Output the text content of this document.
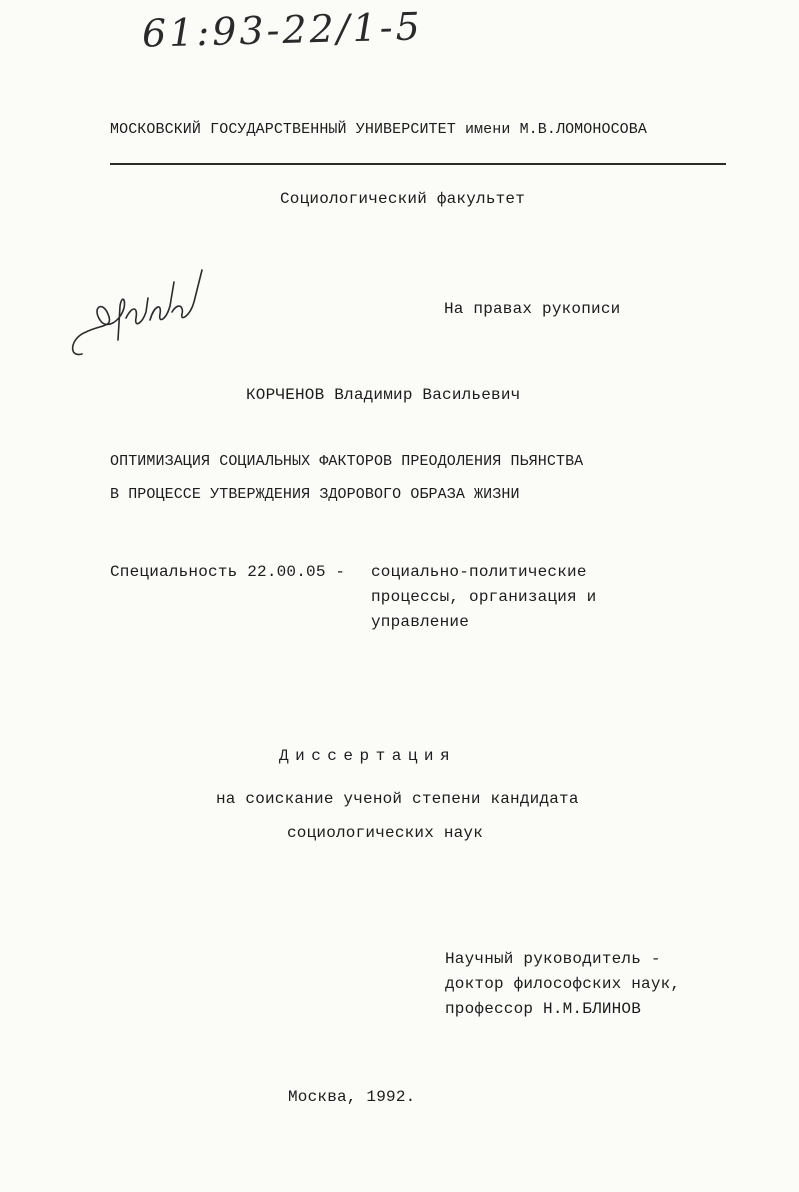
61:93-22/1-5
МОСКОВСКИЙ ГОСУДАРСТВЕННЫЙ УНИВЕРСИТЕТ имени М.В.ЛОМОНОСОВА
Социологический факультет
На правах рукописи
КОРЧЕНОВ Владимир Васильевич
ОПТИМИЗАЦИЯ СОЦИАЛЬНЫХ ФАКТОРОВ ПРЕОДОЛЕНИЯ ПЬЯНСТВА
В ПРОЦЕССЕ УТВЕРЖДЕНИЯ ЗДОРОВОГО ОБРАЗА ЖИЗНИ
Специальность 22.00.05 - социально-политические
процессы, организация и
управление
Диссертация
на соискание ученой степени кандидата
социологических наук
Научный руководитель -
доктор философских наук,
профессор Н.М.БЛИНОВ
Москва, 1992.
